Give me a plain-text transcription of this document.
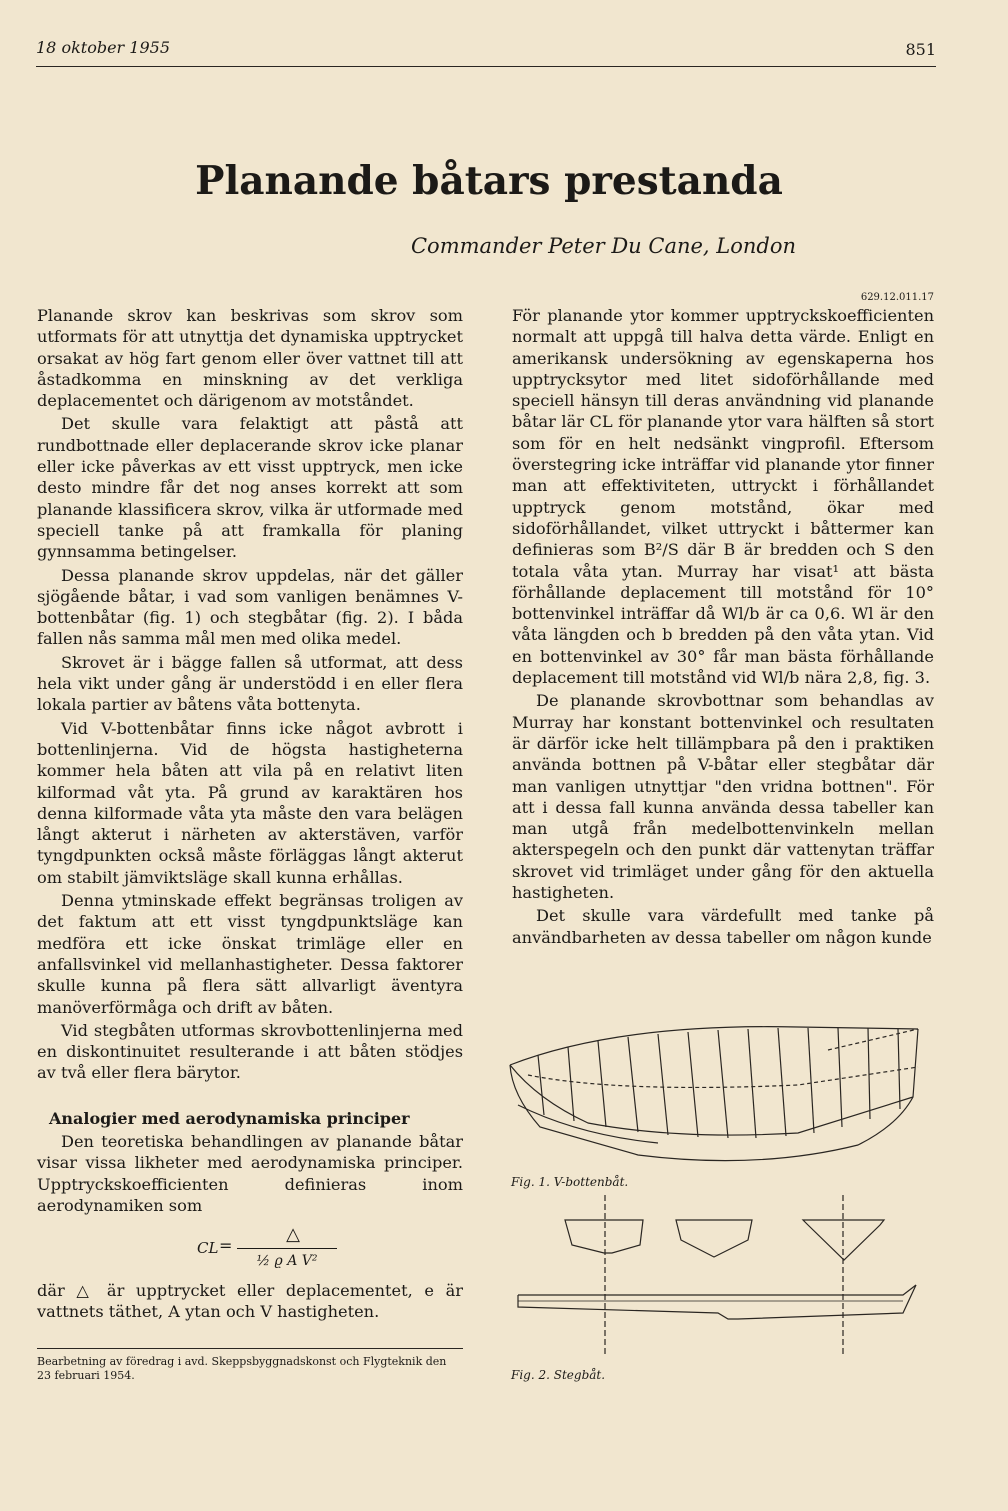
18 oktober 1955	851
Planande båtars prestanda
Commander Peter Du Cane, London

Planande skrov kan beskrivas som skrov som utformats för att utnyttja det dynamiska upptrycket orsakat av hög fart genom eller över vattnet till att åstadkomma en minskning av det verkliga deplacementet och därigenom av motståndet.

Det skulle vara felaktigt att påstå att rundbottnade eller deplacerande skrov icke planar eller icke påverkas av ett visst upptryck, men icke desto mindre får det nog anses korrekt att som planande klassificera skrov, vilka är utformade med speciell tanke på att framkalla för planing gynnsamma betingelser.

Dessa planande skrov uppdelas, när det gäller sjögående båtar, i vad som vanligen benämnes V-bottenbåtar (fig. 1) och stegbåtar (fig. 2). I båda fallen nås samma mål men med olika medel.

Skrovet är i bägge fallen så utformat, att dess hela vikt under gång är understödd i en eller flera lokala partier av båtens våta bottenyta.

Vid V-bottenbåtar finns icke något avbrott i bottenlinjerna. Vid de högsta hastigheterna kommer hela båten att vila på en relativt liten kilformad våt yta. På grund av karaktären hos denna kilformade våta yta måste den vara belägen långt akterut i närheten av akterstäven, varför tyngdpunkten också måste förläggas långt akterut om stabilt jämviktsläge skall kunna erhållas.

Denna ytminskade effekt begränsas troligen av det faktum att ett visst tyngdpunktsläge kan medföra ett icke önskat trimläge eller en anfallsvinkel vid mellanhastigheter. Dessa faktorer skulle kunna på flera sätt allvarligt äventyra manöverförmåga och drift av båten.

Vid stegbåten utformas skrovbottenlinjerna med en diskontinuitet resulterande i att båten stödjes av två eller flera bärytor.

Analogier med aerodynamiska principer

Den teoretiska behandlingen av planande båtar visar vissa likheter med aerodynamiska principer. Upptryckskoefficienten definieras inom aerodynamiken som

CL =
△
½ ϱ A V²

där △ är upptrycket eller deplacementet, e är vattnets täthet, A ytan och V hastigheten.

Bearbetning av föredrag i avd. Skeppsbyggnadskonst och Flygteknik den 23 februari 1954.
629.12.011.17

För planande ytor kommer upptryckskoefficienten normalt att uppgå till halva detta värde. Enligt en amerikansk undersökning av egenskaperna hos upptrycksytor med litet sidoförhållande med speciell hänsyn till deras användning vid planande båtar lär CL för planande ytor vara hälften så stort som för en helt nedsänkt vingprofil. Eftersom överstegring icke inträffar vid planande ytor finner man att effektiviteten, uttryckt i förhållandet upptryck genom motstånd, ökar med sidoförhållandet, vilket uttryckt i båttermer kan definieras som B²/S där B är bredden och S den totala våta ytan. Murray har visat¹ att bästa förhållande deplacement till motstånd för 10° bottenvinkel inträffar då Wl/b är ca 0,6. Wl är den våta längden och b bredden på den våta ytan. Vid en bottenvinkel av 30° får man bästa förhållande deplacement till motstånd vid Wl/b nära 2,8, fig. 3.

De planande skrovbottnar som behandlas av Murray har konstant bottenvinkel och resultaten är därför icke helt tillämpbara på den i praktiken använda bottnen på V-båtar eller stegbåtar där man vanligen utnyttjar "den vridna bottnen". För att i dessa fall kunna använda dessa tabeller kan man utgå från medelbottenvinkeln mellan akterspegeln och den punkt där vattenytan träffar skrovet vid trimläget under gång för den aktuella hastigheten.

Det skulle vara värdefullt med tanke på användbarheten av dessa tabeller om någon kunde

Fig. 1. V-bottenbåt.
Fig. 2. Stegbåt.
